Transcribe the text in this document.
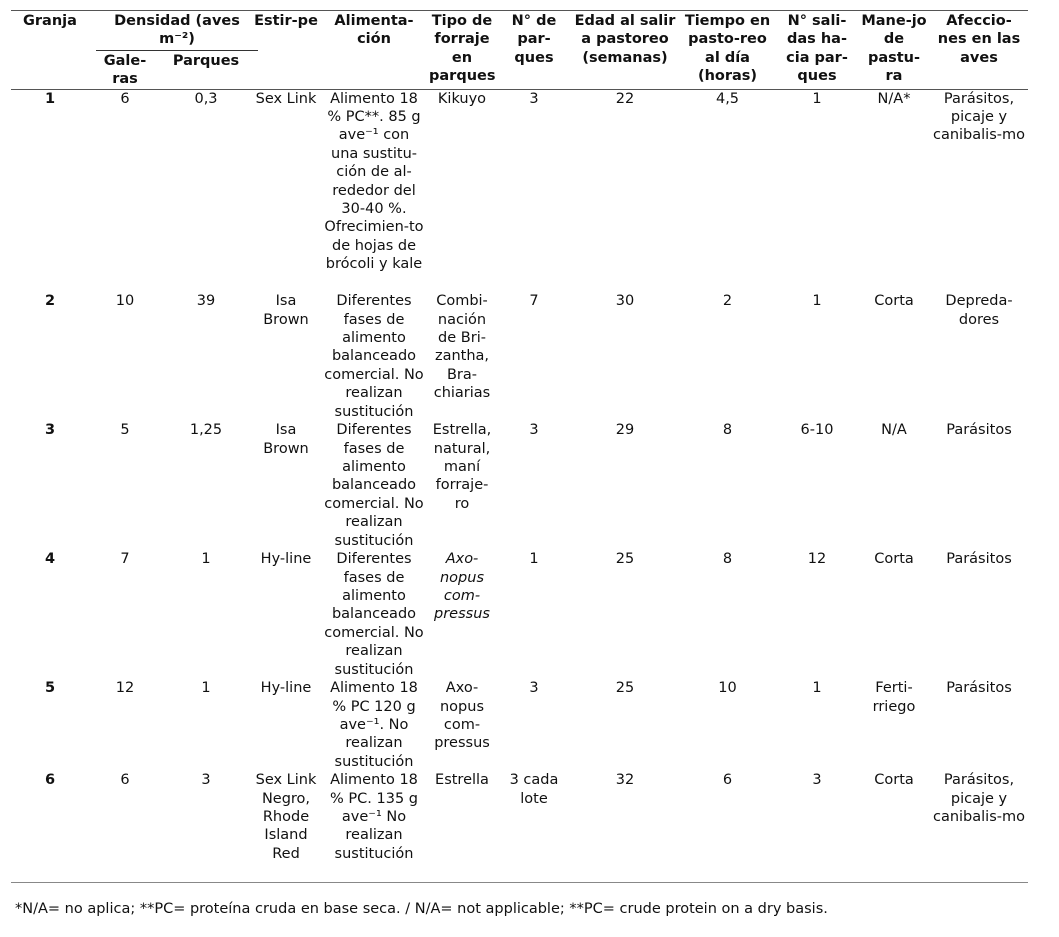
Granja	Densidad (aves m⁻²)		Estir-pe	Alimenta-ción	Tipo de forraje en parques	N° de par-ques	Edad al salir a pastoreo (semanas)	Tiempo en pasto-reo al día (horas)	N° sali-das ha-cia par-ques	Mane-jo de pastu-ra	Afeccio-nes en las aves
	Gale-ras	Parques									
1	6	0,3	Sex Link	Alimento 18 % PC**. 85 g ave⁻¹ con una sustitu-ción de al-rededor del 30-40 %. Ofrecimien-to de hojas de brócoli y kale	Kikuyo	3	22	4,5	1	N/A*	Parásitos, picaje y canibalis-mo
2	10	39	Isa Brown	Diferentes fases de alimento balanceado comercial. No realizan sustitución	Combi-nación de Bri-zantha, Bra-chiarias	7	30	2	1	Corta	Depreda-dores
3	5	1,25	Isa Brown	Diferentes fases de alimento balanceado comercial. No realizan sustitución	Estrella, natural, maní forraje-ro	3	29	8	6-10	N/A	Parásitos
4	7	1	Hy-line	Diferentes fases de alimento balanceado comercial. No realizan sustitución	Axo-nopus com-pressus	1	25	8	12	Corta	Parásitos
5	12	1	Hy-line	Alimento 18 % PC 120 g ave⁻¹. No realizan sustitución	Axo-nopus com-pressus	3	25	10	1	Ferti-rriego	Parásitos
6	6	3	Sex Link Negro, Rhode Island Red	Alimento 18 % PC. 135 g ave⁻¹ No realizan sustitución	Estrella	3 cada lote	32	6	3	Corta	Parásitos, picaje y canibalis-mo
*N/A= no aplica; **PC= proteína cruda en base seca. / N/A= not applicable; **PC= crude protein on a dry basis.
